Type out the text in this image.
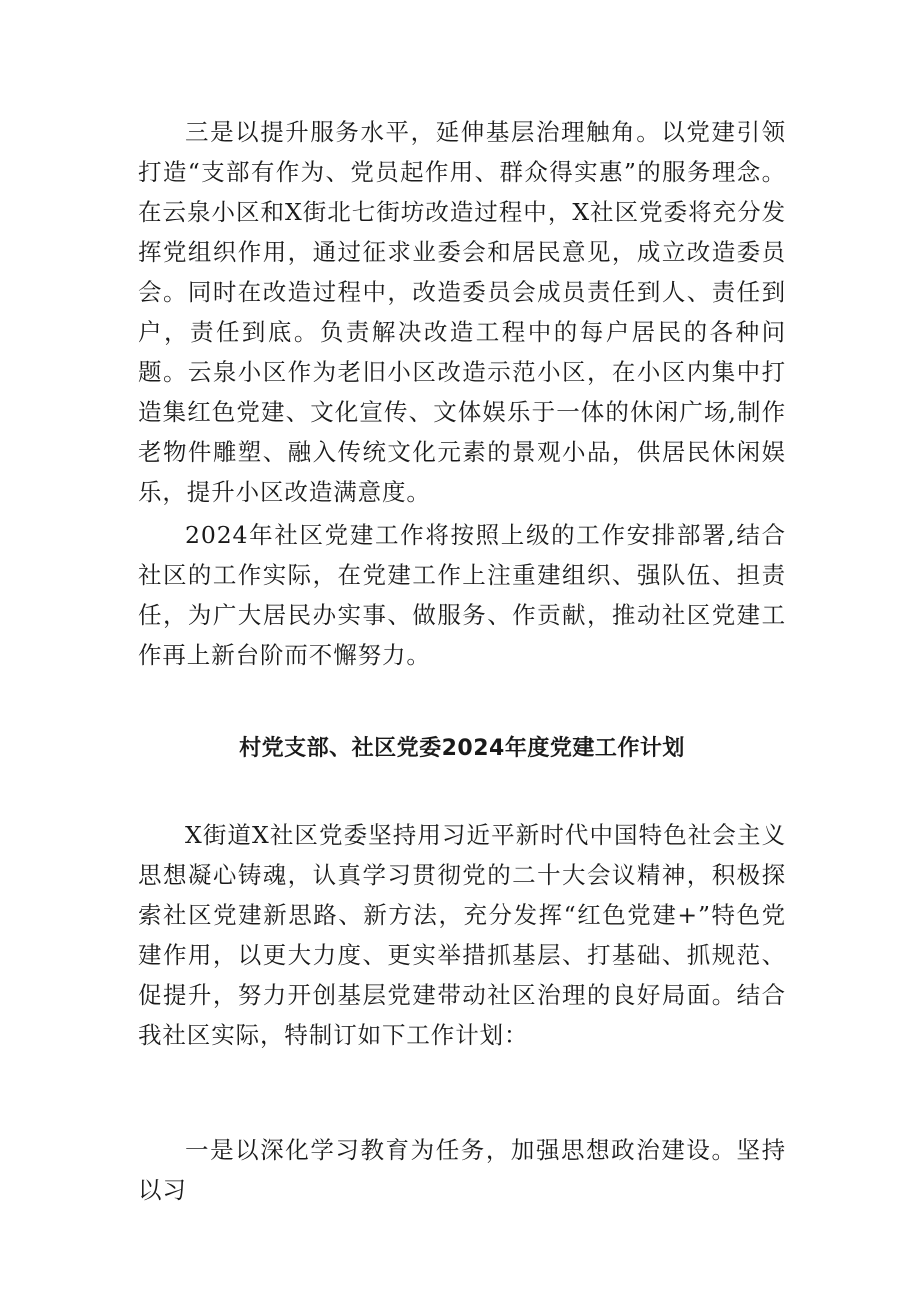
三是以提升服务水平，延伸基层治理触角。以党建引领打造“支部有作为、党员起作用、群众得实惠”的服务理念。在云泉小区和X街北七街坊改造过程中，X社区党委将充分发挥党组织作用，通过征求业委会和居民意见，成立改造委员会。同时在改造过程中，改造委员会成员责任到人、责任到户，责任到底。负责解决改造工程中的每户居民的各种问题。云泉小区作为老旧小区改造示范小区，在小区内集中打造集红色党建、文化宣传、文体娱乐于一体的休闲广场,制作老物件雕塑、融入传统文化元素的景观小品，供居民休闲娱乐，提升小区改造满意度。

2024年社区党建工作将按照上级的工作安排部署,结合社区的工作实际，在党建工作上注重建组织、强队伍、担责任，为广大居民办实事、做服务、作贡献，推动社区党建工作再上新台阶而不懈努力。

村党支部、社区党委2024年度党建工作计划

X街道X社区党委坚持用习近平新时代中国特色社会主义思想凝心铸魂，认真学习贯彻党的二十大会议精神，积极探索社区党建新思路、新方法，充分发挥“红色党建+”特色党建作用，以更大力度、更实举措抓基层、打基础、抓规范、促提升，努力开创基层党建带动社区治理的良好局面。结合我社区实际，特制订如下工作计划：

一是以深化学习教育为任务，加强思想政治建设。坚持以习
